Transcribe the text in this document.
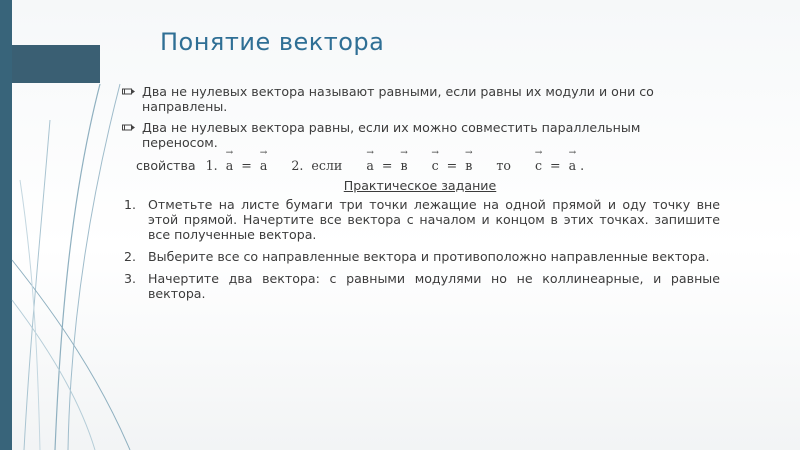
Понятие вектора
Два не нулевых вектора называют равными, если равны их модули и они со направлены.
Два не нулевых вектора равны, если их можно совместить параллельным переносом.
свойства 1. a → = a → 2. если a → = в → с → = в → то с → = a → .
Практическое задание
1. Отметьте на листе бумаги три точки лежащие на одной прямой и оду точку вне этой прямой. Начертите все вектора с началом и концом в этих точках. запишите все полученные вектора.
2. Выберите все со направленные вектора и противоположно направленные вектора.
3. Начертите два вектора: с равными модулями но не коллинеарные, и равные вектора.
